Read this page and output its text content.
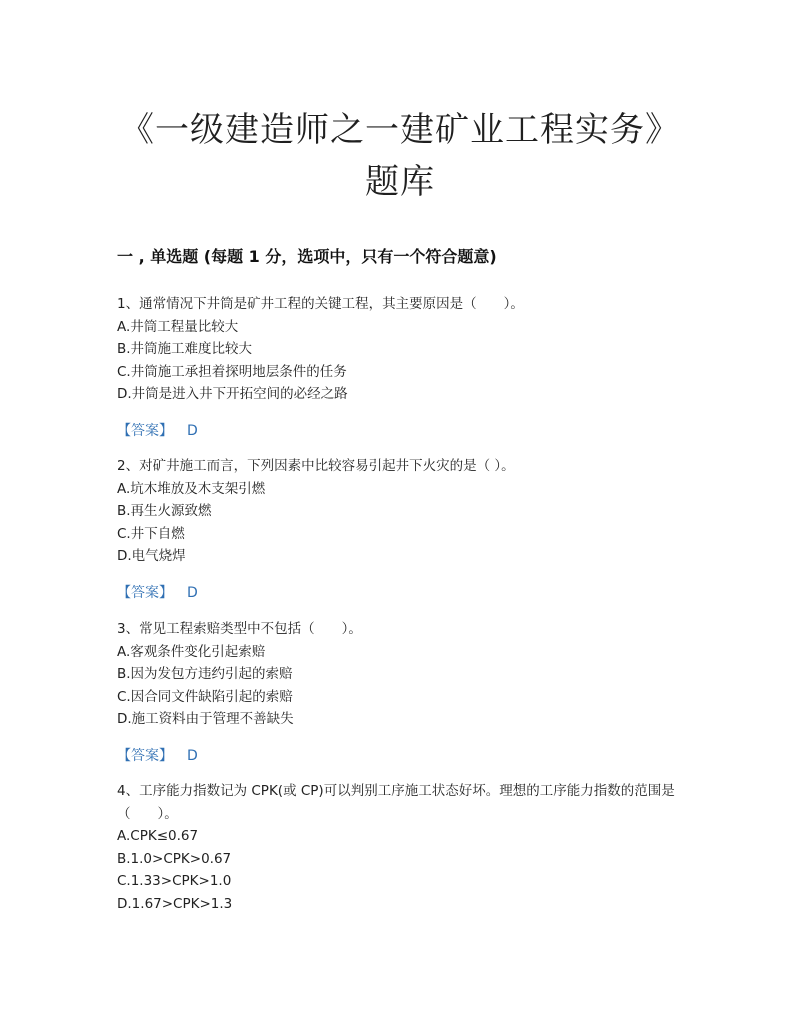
《一级建造师之一建矿业工程实务》
题库
一 , 单选题 (每题 1 分，选项中，只有一个符合题意)

1、通常情况下井筒是矿井工程的关键工程，其主要原因是（　　）。

A.井筒工程量比较大

B.井筒施工难度比较大

C.井筒施工承担着探明地层条件的任务

D.井筒是进入井下开拓空间的必经之路

【答案】 D

2、对矿井施工而言，下列因素中比较容易引起井下火灾的是（ ）。

A.坑木堆放及木支架引燃

B.再生火源致燃

C.井下自燃

D.电气烧焊

【答案】 D

3、常见工程索赔类型中不包括（　　）。

A.客观条件变化引起索赔

B.因为发包方违约引起的索赔

C.因合同文件缺陷引起的索赔

D.施工资料由于管理不善缺失

【答案】 D

4、工序能力指数记为 CPK(或 CP)可以判别工序施工状态好坏。理想的工序能力指数的范围是（　　）。

A.CPK≤0.67

B.1.0>CPK>0.67

C.1.33>CPK>1.0

D.1.67>CPK>1.3
